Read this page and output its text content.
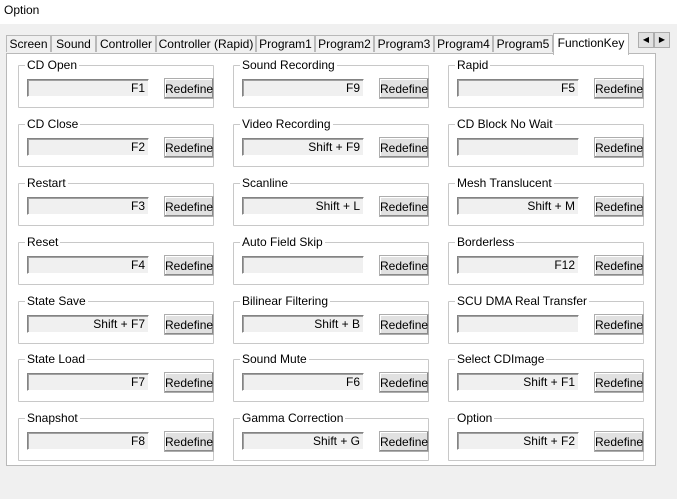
Option
Screen Sound Controller Controller (Rapid) Program1 Program2 Program3 Program4 Program5 FunctionKey	◀	▶
CD Open
F1	Redefine
CD Close
F2	Redefine
Restart
F3	Redefine
Reset
F4	Redefine
State Save
Shift + F7	Redefine
State Load
F7	Redefine
Snapshot
F8	Redefine
Sound Recording
F9	Redefine
Video Recording
Shift + F9	Redefine
Scanline
Shift + L	Redefine
Auto Field Skip
Redefine
Bilinear Filtering
Shift + B	Redefine
Sound Mute
F6	Redefine
Gamma Correction
Shift + G	Redefine
Rapid
F5	Redefine
CD Block No Wait
Redefine
Mesh Translucent
Shift + M	Redefine
Borderless
F12	Redefine
SCU DMA Real Transfer
Redefine
Select CDImage
Shift + F1	Redefine
Option
Shift + F2	Redefine
